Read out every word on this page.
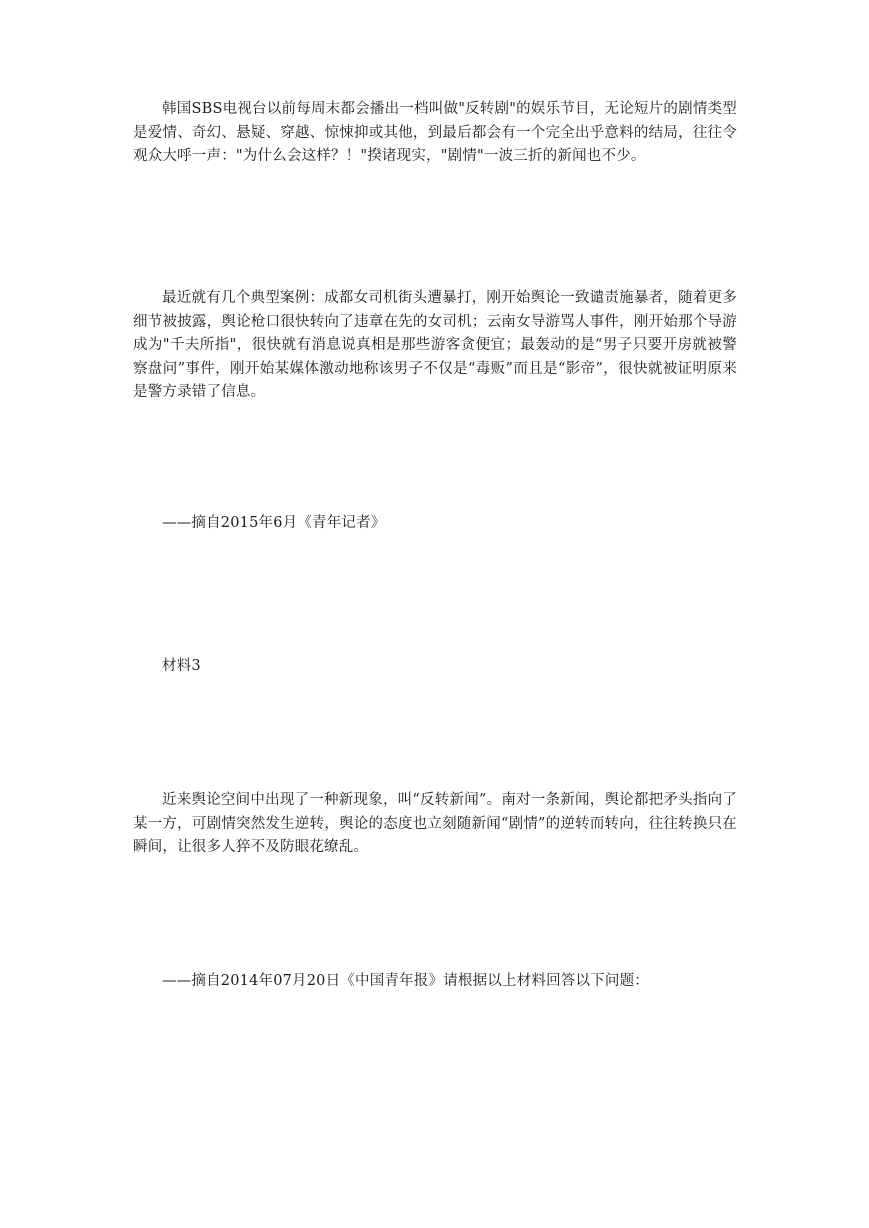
韩国SBS电视台以前每周末都会播出一档叫做"反转剧"的娱乐节目，无论短片的剧情类型是爱情、奇幻、悬疑、穿越、惊悚抑或其他，到最后都会有一个完全出乎意料的结局，往往令观众大呼一声："为什么会这样？！"揆诸现实，"剧情"一波三折的新闻也不少。

最近就有几个典型案例：成都女司机街头遭暴打，刚开始舆论一致谴责施暴者，随着更多细节被披露，舆论枪口很快转向了违章在先的女司机；云南女导游骂人事件，刚开始那个导游成为"千夫所指"，很快就有消息说真相是那些游客贪便宜；最轰动的是“男子只要开房就被警察盘问”事件，刚开始某媒体激动地称该男子不仅是“毒贩”而且是“影帝”，很快就被证明原来是警方录错了信息。

——摘自2015年6月《青年记者》

材料3

近来舆论空间中出现了一种新现象，叫“反转新闻”。南对一条新闻，舆论都把矛头指向了某一方，可剧情突然发生逆转，舆论的态度也立刻随新闻“剧情”的逆转而转向，往往转换只在瞬间，让很多人猝不及防眼花缭乱。

——摘自2014年07月20日《中国青年报》请根据以上材料回答以下问题：
